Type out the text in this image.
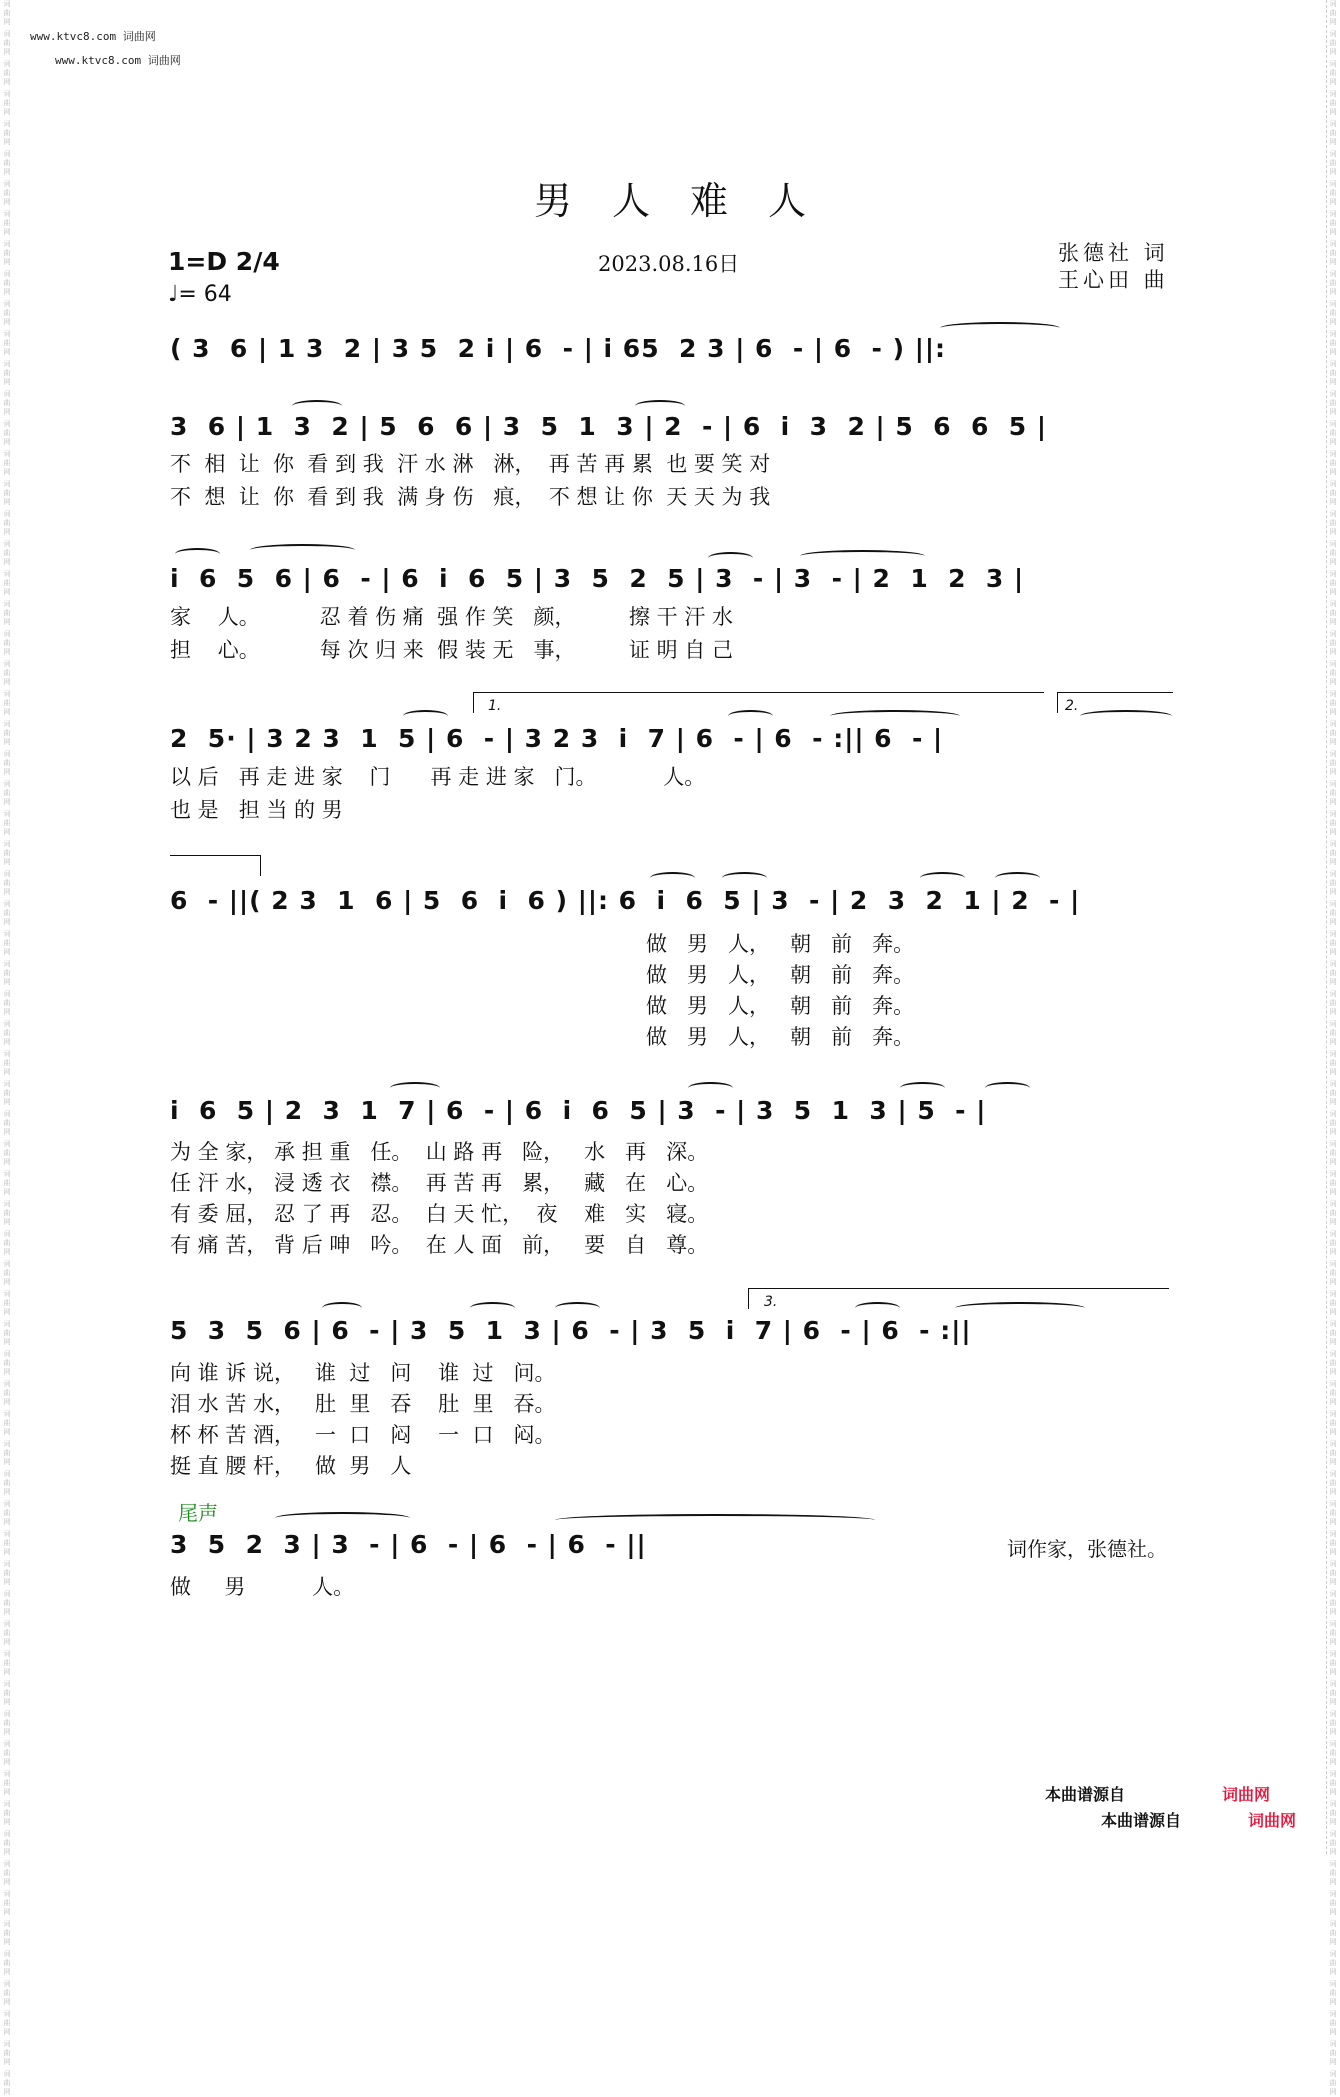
词
曲
网
词
曲
网
词
曲
网
词
曲
网
词
曲
网
词
曲
网
词
曲
网
词
曲
网
词
曲
网
词
曲
网
词
曲
网
词
曲
网
词
曲
网
词
曲
网
词
曲
网
词
曲
网
词
曲
网
词
曲
网
词
曲
网
词
曲
网
词
曲
网
词
曲
网
词
曲
网
词
曲
网
词
曲
网
词
曲
网
词
曲
网
词
曲
网
词
曲
网
词
曲
网
词
曲
网
词
曲
网
词
曲
网
词
曲
网
词
曲
网
词
曲
网
词
曲
网
词
曲
网
词
曲
网
词
曲
网
词
曲
网
词
曲
网
词
曲
网
词
曲
网
词
曲
网
词
曲
网
词
曲
网
词
曲
网
词
曲
网
词
曲
网
词
曲
网
词
曲
网
词
曲
网
词
曲
网
词
曲
网
词
曲
网
词
曲
网
词
曲
网
词
曲
网
词
曲
网
词
曲
网
词
曲
网
词
曲
网
词
曲
网
词
曲
网
词
曲
网
词
曲
网
词
曲
网
词
曲
网
词
曲
网
词
曲
网
词
曲
网
词
曲
网
词
曲
网
词
曲
网
词
曲
网
词
曲
网
词
曲
网
词
曲
网
词
曲
网
词
曲
网
词
曲
网
词
曲
网
词
曲
网
词
曲
网
词
曲
网
词
曲
网
词
曲
网
词
曲
网
词
曲
网
词
曲
网
词
曲
网
词
曲
网
词
曲
网
词
曲
网
词
曲
网
词
曲
网
词
曲
网
词
曲
网
词
曲
网
词
曲
网
词
曲
网
词
曲
网
词
曲
网
词
曲
网
词
曲
网
词
曲
网
词
曲
网
词
曲
网
词
曲
网
词
曲
网
词
曲
网
词
曲
网
词
曲
网
词
曲
网
词
曲
网
词
曲
网
词
曲
网
词
曲
网
词
曲
网
词
曲
网
词
曲
网
词
曲
网
词
曲
网
词
曲
网
词
曲
网
词
曲
网
词
曲
网
词
曲
网
词
曲
网
词
曲
网
词
曲
网
词
曲
网
词
曲
网
词
曲
网
词
曲
网
词
曲
网
词
曲
网
词
曲
网
词
曲
网
www.ktvc8.com 词曲网
www.ktvc8.com 词曲网
男人难人
1=D 2/4
♩= 64
2023.08.16日	张德社 词
王心田 曲
( 3  6 | 1 3  2 | 3 5  2 i | 6  - | i 65  2 3 | 6  - | 6  - ) ||:
3  6 | 1  3  2 | 5  6  6 | 3  5  1  3 | 2  - | 6  i  3  2 | 5  6  6  5 |
不  相  让  你  看 到 我  汗 水 淋   淋，  再 苦 再 累  也 要 笑 对
不  想  让  你  看 到 我  满 身 伤   痕，  不 想 让 你  天 天 为 我
i  6  5  6 | 6  - | 6  i  6  5 | 3  5  2  5 | 3  - | 3  - | 2  1  2  3 |
家    人。         忍 着 伤 痛  强 作 笑   颜，        擦 干 汗 水
担    心。         每 次 归 来  假 装 无   事，        证 明 自 己
1.	2.
2  5· | 3 2 3  1  5 | 6  - | 3 2 3  i  7 | 6  - | 6  - :|| 6  - |
以 后   再 走 进 家    门      再 走 进 家   门。          人。
也 是   担 当 的 男
6  - ||( 2 3  1  6 | 5  6  i  6 ) ||: 6  i  6  5 | 3  - | 2  3  2  1 | 2  - |
做   男   人，   朝   前   奔。
做   男   人，   朝   前   奔。
做   男   人，   朝   前   奔。
做   男   人，   朝   前   奔。
i  6  5 | 2  3  1  7 | 6  - | 6  i  6  5 | 3  - | 3  5  1  3 | 5  - |
为 全 家， 承 担 重   任。  山 路 再   险，   水   再   深。
任 汗 水， 浸 透 衣   襟。  再 苦 再   累，   藏   在   心。
有 委 屈， 忍 了 再   忍。  白 天 忙，  夜    难   实   寝。
有 痛 苦， 背 后 呻   吟。  在 人 面   前，   要   自   尊。
3.
5  3  5  6 | 6  - | 3  5  1  3 | 6  - | 3  5  i  7 | 6  - | 6  - :||
向 谁 诉 说，   谁  过   问    谁  过   问。
泪 水 苦 水，   肚  里   吞    肚  里   吞。
杯 杯 苦 酒，   一  口   闷    一  口   闷。
挺 直 腰 杆，   做  男   人
尾声
3  5  2  3 | 3  - | 6  - | 6  - | 6  - ||
做     男          人。
词作家，张德社。
本曲谱源自	词曲网
本曲谱源自	词曲网
